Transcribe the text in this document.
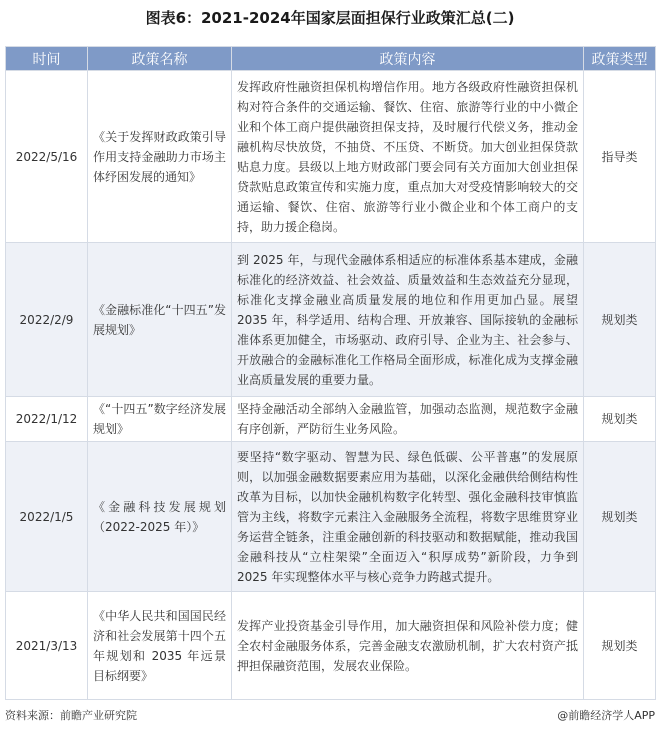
图表6：2021-2024年国家层面担保行业政策汇总(二)
时间	政策名称	政策内容	政策类型
2022/5/16	《关于发挥财政政策引导作用支持金融助力市场主体纾困发展的通知》	发挥政府性融资担保机构增信作用。地方各级政府性融资担保机构对符合条件的交通运输、餐饮、住宿、旅游等行业的中小微企业和个体工商户提供融资担保支持，及时履行代偿义务，推动金融机构尽快放贷，不抽贷、不压贷、不断贷。加大创业担保贷款贴息力度。县级以上地方财政部门要会同有关方面加大创业担保贷款贴息政策宣传和实施力度，重点加大对受疫情影响较大的交通运输、餐饮、住宿、旅游等行业小微企业和个体工商户的支持，助力援企稳岗。	指导类
2022/2/9	《金融标准化“十四五”发展规划》	到 2025 年，与现代金融体系相适应的标准体系基本建成，金融标准化的经济效益、社会效益、质量效益和生态效益充分显现，标准化支撑金融业高质量发展的地位和作用更加凸显。展望 2035 年，科学适用、结构合理、开放兼容、国际接轨的金融标准体系更加健全，市场驱动、政府引导、企业为主、社会参与、开放融合的金融标准化工作格局全面形成，标准化成为支撑金融业高质量发展的重要力量。	规划类
2022/1/12	《“十四五”数字经济发展规划》	坚持金融活动全部纳入金融监管，加强动态监测，规范数字金融有序创新，严防衍生业务风险。	规划类
2022/1/5	《金融科技发展规划（2022-2025 年）》	要坚持“数字驱动、智慧为民、绿色低碳、公平普惠”的发展原则，以加强金融数据要素应用为基础，以深化金融供给侧结构性改革为目标，以加快金融机构数字化转型、强化金融科技审慎监管为主线，将数字元素注入金融服务全流程，将数字思维贯穿业务运营全链条，注重金融创新的科技驱动和数据赋能，推动我国金融科技从“立柱架梁”全面迈入“积厚成势”新阶段，力争到 2025 年实现整体水平与核心竞争力跨越式提升。	规划类
2021/3/13	《中华人民共和国国民经济和社会发展第十四个五年规划和 2035 年远景目标纲要》	发挥产业投资基金引导作用，加大融资担保和风险补偿力度；健全农村金融服务体系，完善金融支农激励机制，扩大农村资产抵押担保融资范围，发展农业保险。	规划类
资料来源：前瞻产业研究院	@前瞻经济学人APP
